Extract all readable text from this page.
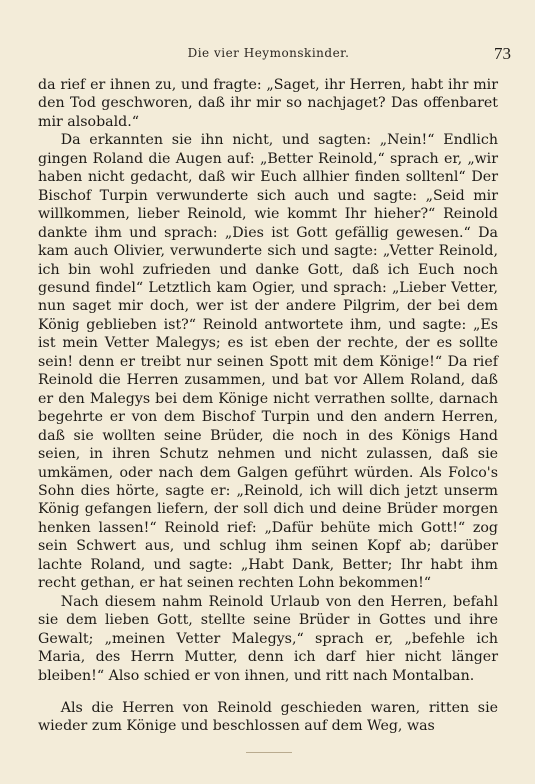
Die vier Heymonskinder.	73

da rief er ihnen zu, und fragte: „Saget, ihr Herren, habt ihr mir den Tod geschworen, daß ihr mir so nachjaget? Das offenbaret mir alsobald.“

Da erkannten sie ihn nicht, und sagten: „Nein!“ Endlich gingen Roland die Augen auf: „Better Reinold,“ sprach er, „wir haben nicht gedacht, daß wir Euch allhier finden solltenl“ Der Bischof Turpin verwunderte sich auch und sagte: „Seid mir willkommen, lieber Reinold, wie kommt Ihr hieher?“ Reinold dankte ihm und sprach: „Dies ist Gott gefällig gewesen.“ Da kam auch Olivier, verwunderte sich und sagte: „Vetter Reinold, ich bin wohl zufrieden und danke Gott, daß ich Euch noch gesund findel“ Letztlich kam Ogier, und sprach: „Lieber Vetter, nun saget mir doch, wer ist der andere Pilgrim, der bei dem König geblieben ist?“ Reinold antwortete ihm, und sagte: „Es ist mein Vetter Malegys; es ist eben der rechte, der es sollte sein! denn er treibt nur seinen Spott mit dem Könige!“ Da rief Reinold die Herren zusammen, und bat vor Allem Roland, daß er den Malegys bei dem Könige nicht verrathen sollte, darnach begehrte er von dem Bischof Turpin und den andern Herren, daß sie wollten seine Brüder, die noch in des Königs Hand seien, in ihren Schutz nehmen und nicht zulassen, daß sie umkämen, oder nach dem Galgen geführt würden. Als Folco's Sohn dies hörte, sagte er: „Reinold, ich will dich jetzt unserm König gefangen liefern, der soll dich und deine Brüder morgen henken lassen!“ Reinold rief: „Dafür behüte mich Gott!“ zog sein Schwert aus, und schlug ihm seinen Kopf ab; darüber lachte Roland, und sagte: „Habt Dank, Better; Ihr habt ihm recht gethan, er hat seinen rechten Lohn bekommen!“

Nach diesem nahm Reinold Urlaub von den Herren, befahl sie dem lieben Gott, stellte seine Brüder in Gottes und ihre Gewalt; „meinen Vetter Malegys,“ sprach er, „befehle ich Maria, des Herrn Mutter, denn ich darf hier nicht länger bleiben!“ Also schied er von ihnen, und ritt nach Montalban.

Als die Herren von Reinold geschieden waren, ritten sie wieder zum Könige und beschlossen auf dem Weg, was
